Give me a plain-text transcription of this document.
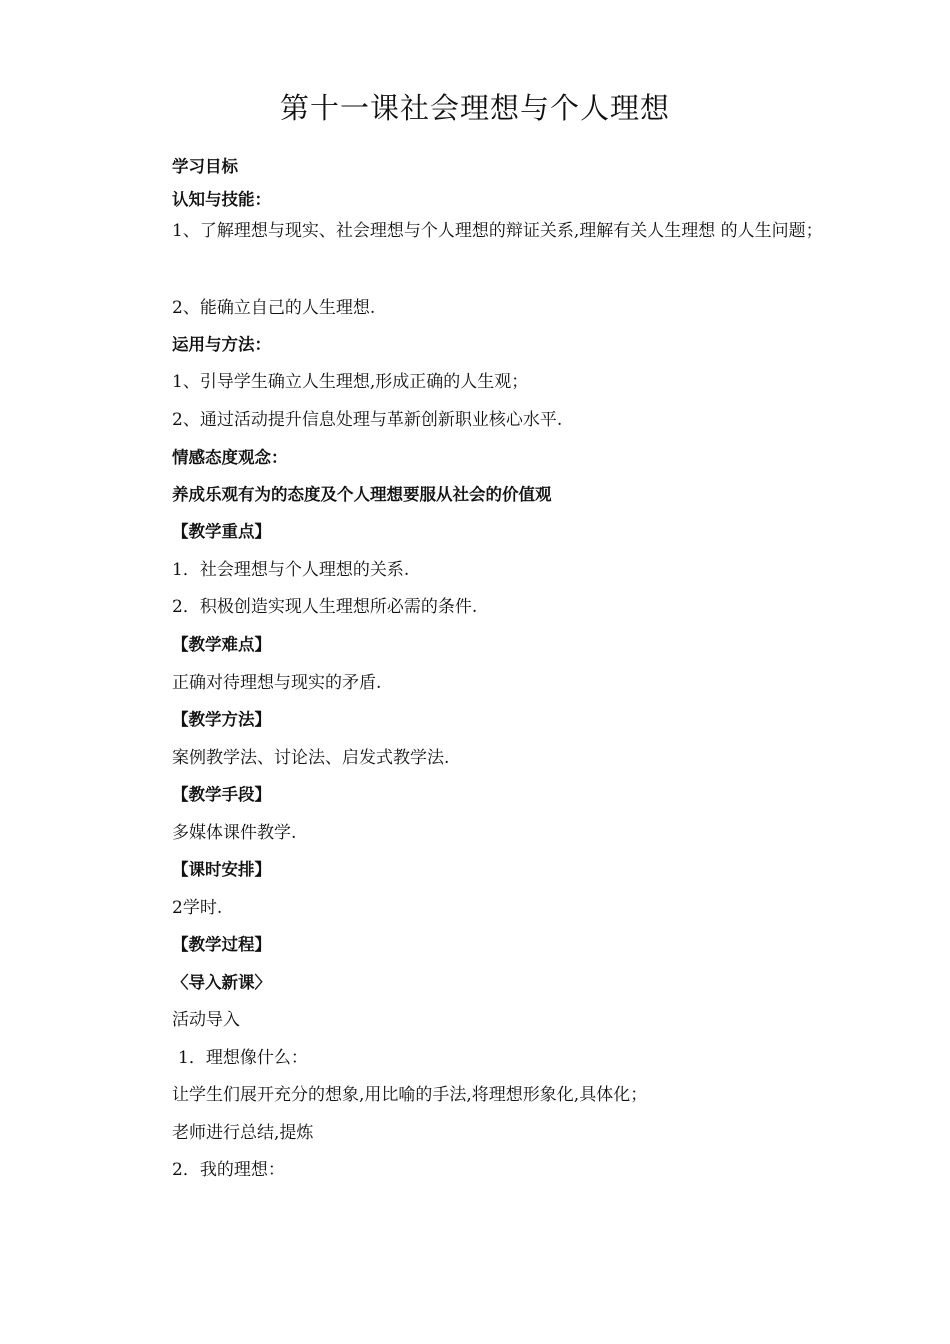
第十一课社会理想与个人理想
学习目标
认知与技能：
1、了解理想与现实、社会理想与个人理想的辩证关系,理解有关人生理想 的人生问题；
2、能确立自己的人生理想.
运用与方法：
1、引导学生确立人生理想,形成正确的人生观；
2、通过活动提升信息处理与革新创新职业核心水平.
情感态度观念：
养成乐观有为的态度及个人理想要服从社会的价值观
【教学重点】
1．社会理想与个人理想的关系.
2．积极创造实现人生理想所必需的条件.
【教学难点】
正确对待理想与现实的矛盾.
【教学方法】
案例教学法、讨论法、启发式教学法.
【教学手段】
多媒体课件教学.
【课时安排】
2学时.
【教学过程】
〈导入新课〉
活动导入
1．理想像什么：
让学生们展开充分的想象,用比喻的手法,将理想形象化,具体化；
老师进行总结,提炼
2．我的理想：
